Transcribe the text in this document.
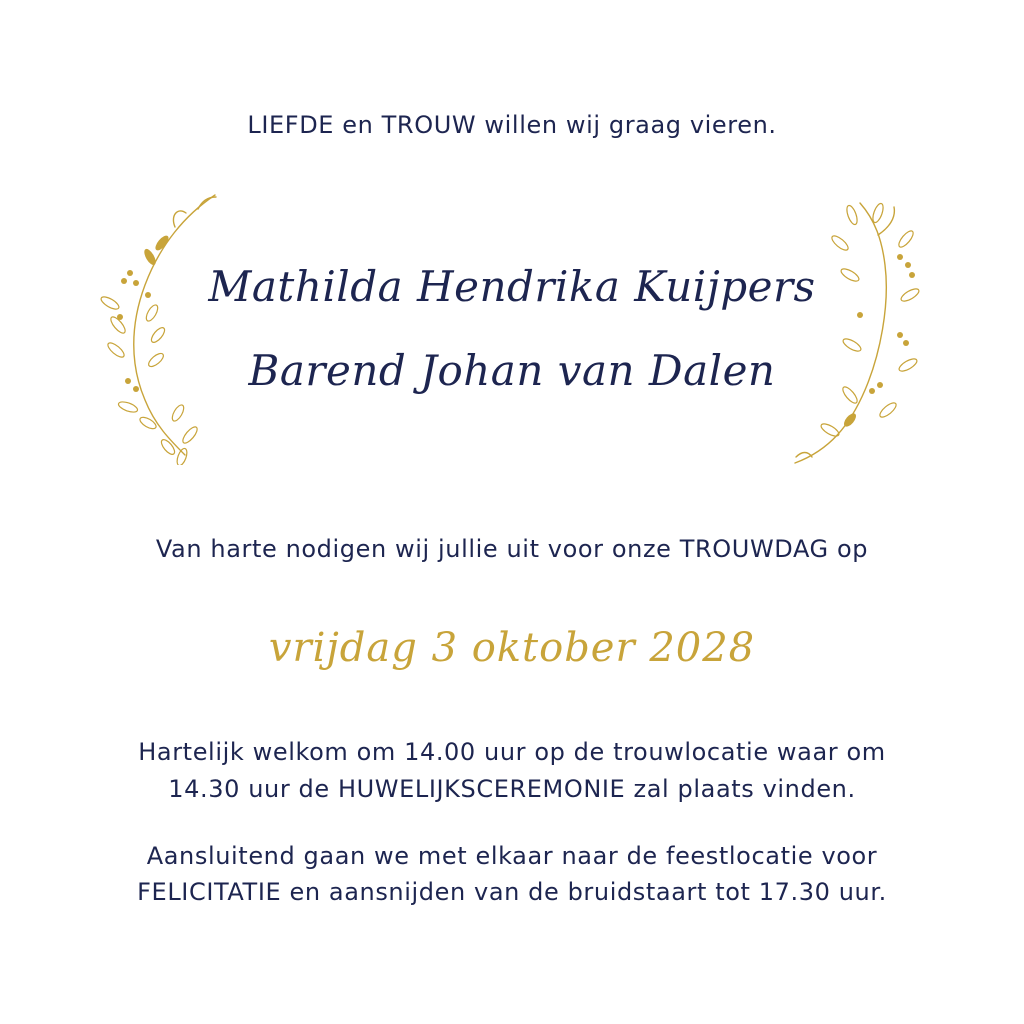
LIEFDE en TROUW willen wij graag vieren.
Mathilda Hendrika Kuijpers
Barend Johan van Dalen
Van harte nodigen wij jullie uit voor onze TROUWDAG op
vrijdag 3 oktober 2028
Hartelijk welkom om 14.00 uur op de trouwlocatie waar om
14.30 uur de HUWELIJKSCEREMONIE zal plaats vinden.
Aansluitend gaan we met elkaar naar de feestlocatie voor
FELICITATIE en aansnijden van de bruidstaart tot 17.30 uur.
